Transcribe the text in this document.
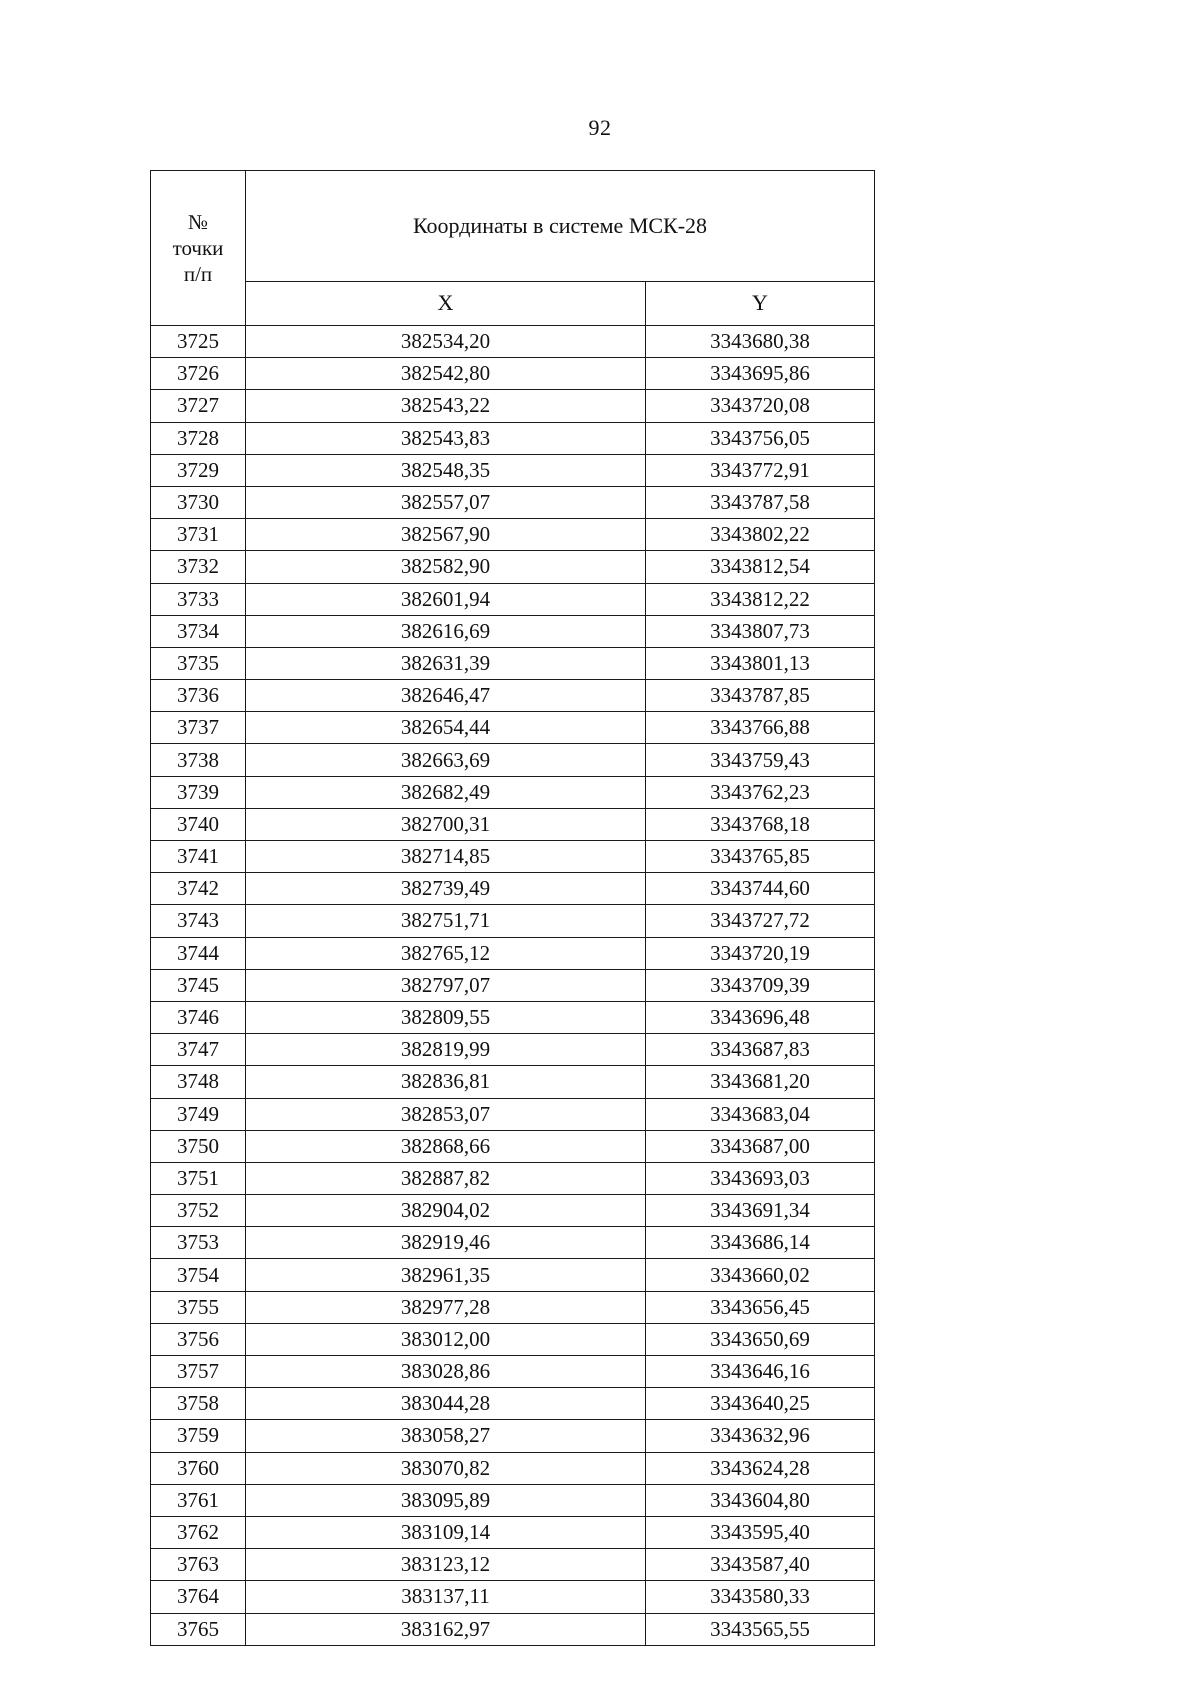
92
№
точки
п/п	Координаты в системе МСК-28	
	X	Y
3725	382534,20	3343680,38
3726	382542,80	3343695,86
3727	382543,22	3343720,08
3728	382543,83	3343756,05
3729	382548,35	3343772,91
3730	382557,07	3343787,58
3731	382567,90	3343802,22
3732	382582,90	3343812,54
3733	382601,94	3343812,22
3734	382616,69	3343807,73
3735	382631,39	3343801,13
3736	382646,47	3343787,85
3737	382654,44	3343766,88
3738	382663,69	3343759,43
3739	382682,49	3343762,23
3740	382700,31	3343768,18
3741	382714,85	3343765,85
3742	382739,49	3343744,60
3743	382751,71	3343727,72
3744	382765,12	3343720,19
3745	382797,07	3343709,39
3746	382809,55	3343696,48
3747	382819,99	3343687,83
3748	382836,81	3343681,20
3749	382853,07	3343683,04
3750	382868,66	3343687,00
3751	382887,82	3343693,03
3752	382904,02	3343691,34
3753	382919,46	3343686,14
3754	382961,35	3343660,02
3755	382977,28	3343656,45
3756	383012,00	3343650,69
3757	383028,86	3343646,16
3758	383044,28	3343640,25
3759	383058,27	3343632,96
3760	383070,82	3343624,28
3761	383095,89	3343604,80
3762	383109,14	3343595,40
3763	383123,12	3343587,40
3764	383137,11	3343580,33
3765	383162,97	3343565,55
